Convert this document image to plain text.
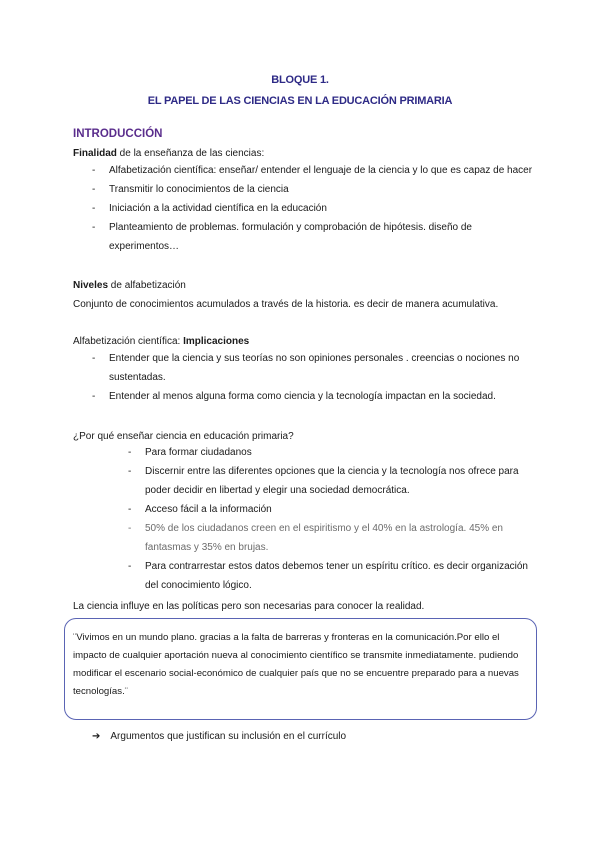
BLOQUE 1.
EL PAPEL DE LAS CIENCIAS EN LA EDUCACIÓN PRIMARIA
INTRODUCCIÓN
Finalidad de la enseñanza de las ciencias:
- Alfabetización científica: enseñar/ entender el lenguaje de la ciencia y lo que es capaz de hacer
- Transmitir lo conocimientos de la ciencia
- Iniciación a la actividad científica en la educación
- Planteamiento de problemas. formulación y comprobación de hipótesis. diseño de
experimentos…
Niveles de alfabetización
Conjunto de conocimientos acumulados a través de la historia. es decir de manera acumulativa.
Alfabetización científica: Implicaciones
- Entender que la ciencia y sus teorías no son opiniones personales . creencias o nociones no
sustentadas.
- Entender al menos alguna forma como ciencia y la tecnología impactan en la sociedad.
¿Por qué enseñar ciencia en educación primaria?
- Para formar ciudadanos
- Discernir entre las diferentes opciones que la ciencia y la tecnología nos ofrece para
poder decidir en libertad y elegir una sociedad democrática.
- Acceso fácil a la información
- 50% de los ciudadanos creen en el espiritismo y el 40% en la astrología. 45% en
fantasmas y 35% en brujas.
- Para contrarrestar estos datos debemos tener un espíritu crítico. es decir organización
del conocimiento lógico.
La ciencia influye en las políticas pero son necesarias para conocer la realidad.
¨Vivimos en un mundo plano. gracias a la falta de barreras y fronteras en la comunicación.Por ello el
impacto de cualquier aportación nueva al conocimiento científico se transmite inmediatamente. pudiendo
modificar el escenario social-económico de cualquier país que no se encuentre preparado para a nuevas
tecnologías.¨
➔ Argumentos que justifican su inclusión en el currículo
